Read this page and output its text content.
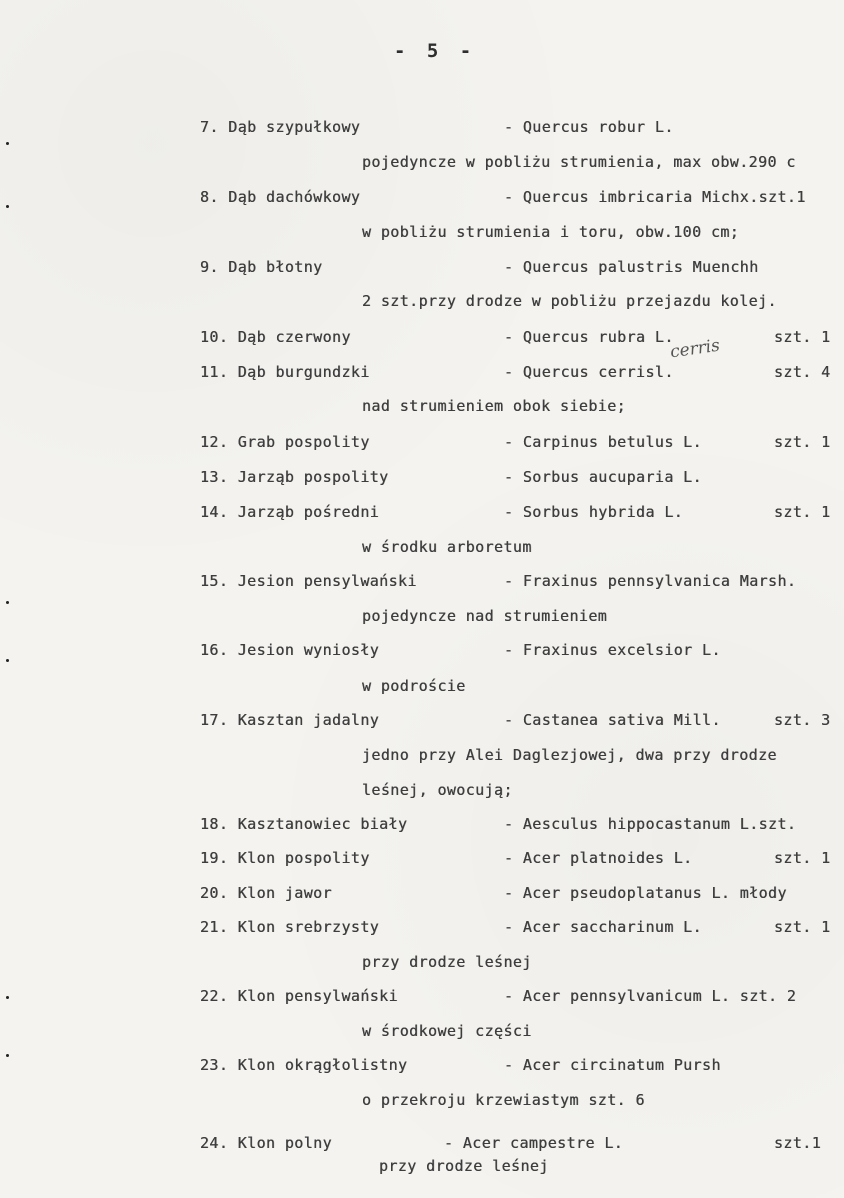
- 5 -
7. Dąb szypułkowy	- Quercus robur L.
pojedyncze w pobliżu strumienia, max obw.290 c
8. Dąb dachówkowy	- Quercus imbricaria Michx.szt.1
w pobliżu strumienia i toru, obw.100 cm;
9. Dąb błotny	- Quercus palustris Muenchh
2 szt.przy drodze w pobliżu przejazdu kolej.
10. Dąb czerwony	- Quercus rubra L.	szt. 1
cerris
11. Dąb burgundzki	- Quercus cerrisl.	szt. 4
nad strumieniem obok siebie;
12. Grab pospolity	- Carpinus betulus L.	szt. 1
13. Jarząb pospolity	- Sorbus aucuparia L.
14. Jarząb pośredni	- Sorbus hybrida L.	szt. 1
w środku arboretum
15. Jesion pensylwański	- Fraxinus pennsylvanica Marsh.
pojedyncze nad strumieniem
16. Jesion wyniosły	- Fraxinus excelsior L.
w podroście
17. Kasztan jadalny	- Castanea sativa Mill.	szt. 3
jedno przy Alei Daglezjowej, dwa przy drodze
leśnej, owocują;
18. Kasztanowiec biały	- Aesculus hippocastanum L.szt.
19. Klon pospolity	- Acer platnoides L.	szt. 1
20. Klon jawor	- Acer pseudoplatanus L. młody
21. Klon srebrzysty	- Acer saccharinum L.	szt. 1
przy drodze leśnej
22. Klon pensylwański	- Acer pennsylvanicum L. szt. 2
w środkowej części
23. Klon okrągłolistny	- Acer circinatum Pursh
o przekroju krzewiastym szt. 6
24. Klon polny	- Acer campestre L.	szt.1
przy drodze leśnej
